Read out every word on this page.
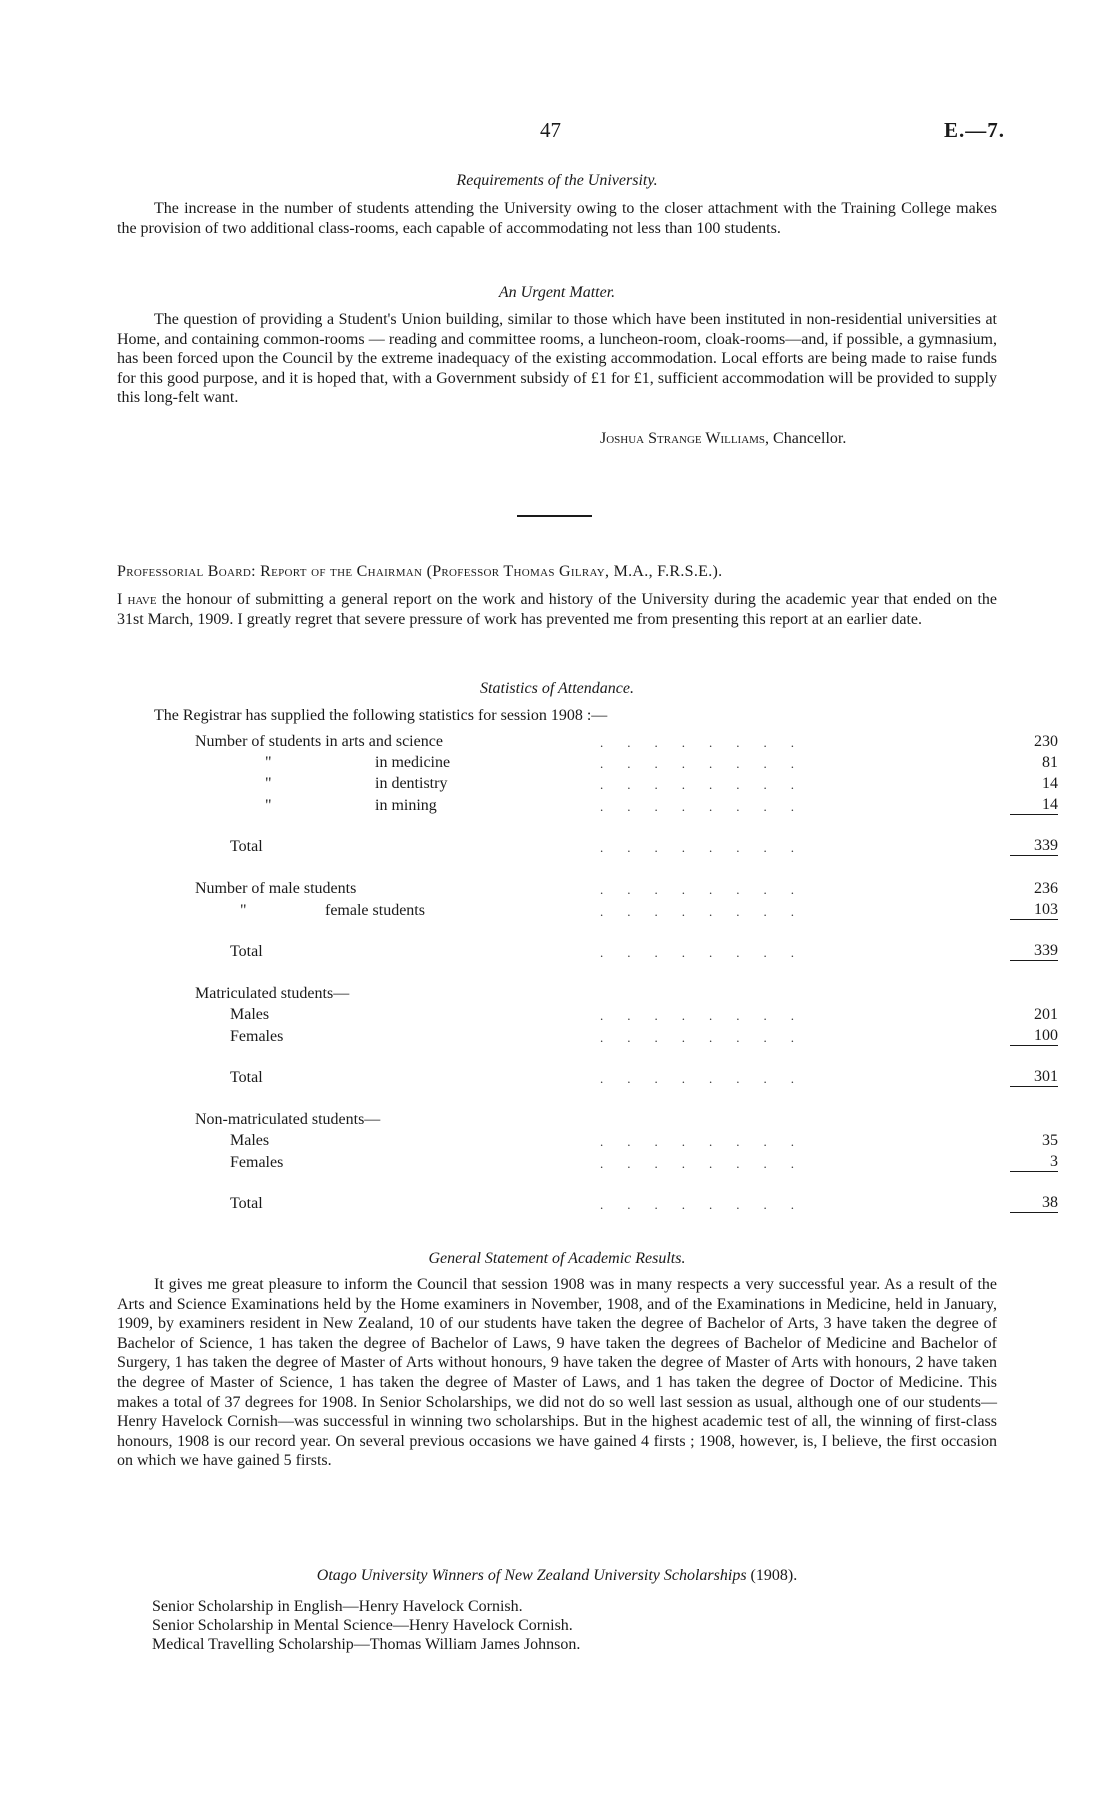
47	E.—7.
Requirements of the University.
The increase in the number of students attending the University owing to the closer attachment with the Training College makes the provision of two additional class-rooms, each capable of accommodating not less than 100 students.
An Urgent Matter.
The question of providing a Student's Union building, similar to those which have been instituted in non-residential universities at Home, and containing common-rooms — reading and committee rooms, a luncheon-room, cloak-rooms—and, if possible, a gymnasium, has been forced upon the Council by the extreme inadequacy of the existing accommodation. Local efforts are being made to raise funds for this good purpose, and it is hoped that, with a Government subsidy of £1 for £1, sufficient accommodation will be provided to supply this long-felt want.
Joshua Strange Williams, Chancellor.
Professorial Board: Report of the Chairman (Professor Thomas Gilray, M.A., F.R.S.E.).
I have the honour of submitting a general report on the work and history of the University during the academic year that ended on the 31st March, 1909. I greatly regret that severe pressure of work has prevented me from presenting this report at an earlier date.
Statistics of Attendance.
The Registrar has supplied the following statistics for session 1908 :—
Number of students in arts and science	........	230
" in medicine	........	81
" in dentistry	........	14
" in mining	........	14
Total	........	339

Number of male students	........	236
" female students	........	103
Total	........	339

Matriculated students—		
Males	........	201
Females	........	100
Total	........	301

Non-matriculated students—		
Males	........	35
Females	........	3
Total	........	38
General Statement of Academic Results.
It gives me great pleasure to inform the Council that session 1908 was in many respects a very successful year. As a result of the Arts and Science Examinations held by the Home examiners in November, 1908, and of the Examinations in Medicine, held in January, 1909, by examiners resident in New Zealand, 10 of our students have taken the degree of Bachelor of Arts, 3 have taken the degree of Bachelor of Science, 1 has taken the degree of Bachelor of Laws, 9 have taken the degrees of Bachelor of Medicine and Bachelor of Surgery, 1 has taken the degree of Master of Arts without honours, 9 have taken the degree of Master of Arts with honours, 2 have taken the degree of Master of Science, 1 has taken the degree of Master of Laws, and 1 has taken the degree of Doctor of Medicine. This makes a total of 37 degrees for 1908. In Senior Scholarships, we did not do so well last session as usual, although one of our students—Henry Havelock Cornish—was successful in winning two scholarships. But in the highest academic test of all, the winning of first-class honours, 1908 is our record year. On several previous occasions we have gained 4 firsts ; 1908, however, is, I believe, the first occasion on which we have gained 5 firsts.
Otago University Winners of New Zealand University Scholarships (1908).
Senior Scholarship in English—Henry Havelock Cornish.
Senior Scholarship in Mental Science—Henry Havelock Cornish.
Medical Travelling Scholarship—Thomas William James Johnson.
